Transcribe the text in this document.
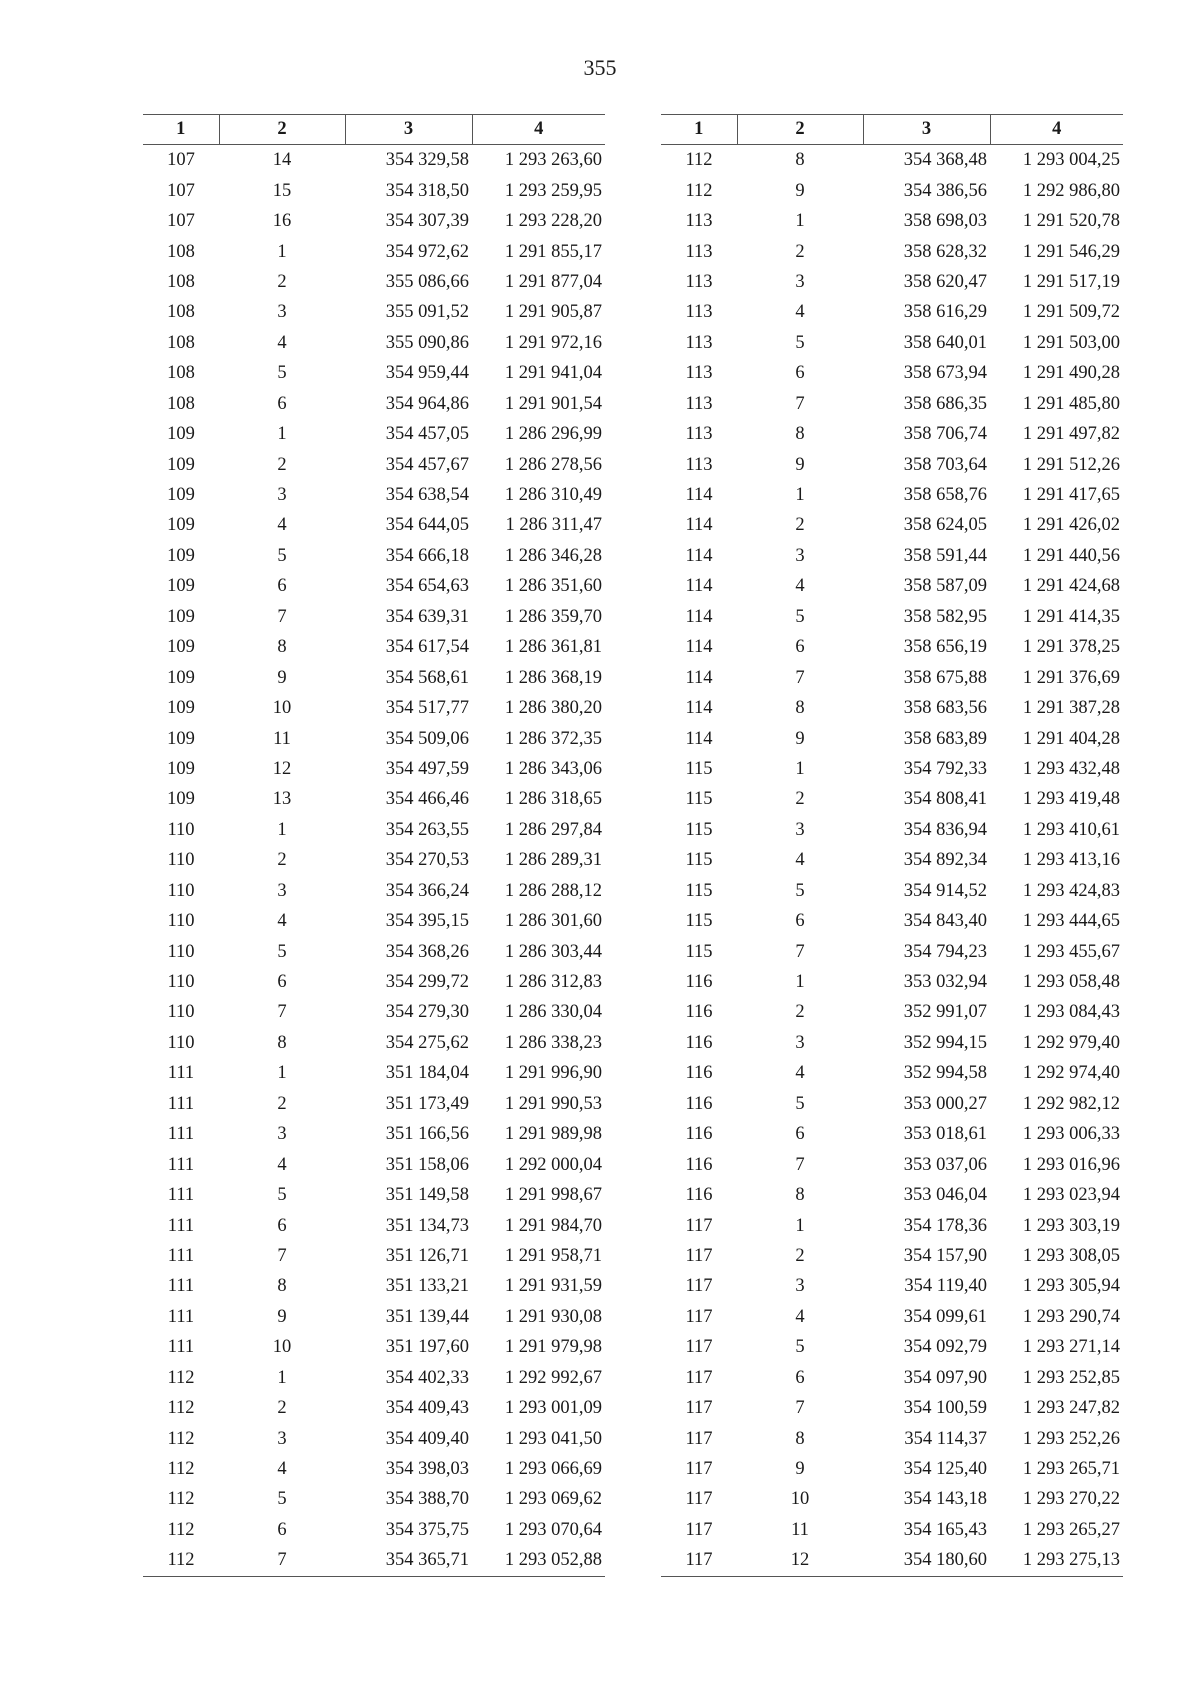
355
1	2	3	4
107	14	354 329,58	1 293 263,60
107	15	354 318,50	1 293 259,95
107	16	354 307,39	1 293 228,20
108	1	354 972,62	1 291 855,17
108	2	355 086,66	1 291 877,04
108	3	355 091,52	1 291 905,87
108	4	355 090,86	1 291 972,16
108	5	354 959,44	1 291 941,04
108	6	354 964,86	1 291 901,54
109	1	354 457,05	1 286 296,99
109	2	354 457,67	1 286 278,56
109	3	354 638,54	1 286 310,49
109	4	354 644,05	1 286 311,47
109	5	354 666,18	1 286 346,28
109	6	354 654,63	1 286 351,60
109	7	354 639,31	1 286 359,70
109	8	354 617,54	1 286 361,81
109	9	354 568,61	1 286 368,19
109	10	354 517,77	1 286 380,20
109	11	354 509,06	1 286 372,35
109	12	354 497,59	1 286 343,06
109	13	354 466,46	1 286 318,65
110	1	354 263,55	1 286 297,84
110	2	354 270,53	1 286 289,31
110	3	354 366,24	1 286 288,12
110	4	354 395,15	1 286 301,60
110	5	354 368,26	1 286 303,44
110	6	354 299,72	1 286 312,83
110	7	354 279,30	1 286 330,04
110	8	354 275,62	1 286 338,23
111	1	351 184,04	1 291 996,90
111	2	351 173,49	1 291 990,53
111	3	351 166,56	1 291 989,98
111	4	351 158,06	1 292 000,04
111	5	351 149,58	1 291 998,67
111	6	351 134,73	1 291 984,70
111	7	351 126,71	1 291 958,71
111	8	351 133,21	1 291 931,59
111	9	351 139,44	1 291 930,08
111	10	351 197,60	1 291 979,98
112	1	354 402,33	1 292 992,67
112	2	354 409,43	1 293 001,09
112	3	354 409,40	1 293 041,50
112	4	354 398,03	1 293 066,69
112	5	354 388,70	1 293 069,62
112	6	354 375,75	1 293 070,64
112	7	354 365,71	1 293 052,88
1	2	3	4
112	8	354 368,48	1 293 004,25
112	9	354 386,56	1 292 986,80
113	1	358 698,03	1 291 520,78
113	2	358 628,32	1 291 546,29
113	3	358 620,47	1 291 517,19
113	4	358 616,29	1 291 509,72
113	5	358 640,01	1 291 503,00
113	6	358 673,94	1 291 490,28
113	7	358 686,35	1 291 485,80
113	8	358 706,74	1 291 497,82
113	9	358 703,64	1 291 512,26
114	1	358 658,76	1 291 417,65
114	2	358 624,05	1 291 426,02
114	3	358 591,44	1 291 440,56
114	4	358 587,09	1 291 424,68
114	5	358 582,95	1 291 414,35
114	6	358 656,19	1 291 378,25
114	7	358 675,88	1 291 376,69
114	8	358 683,56	1 291 387,28
114	9	358 683,89	1 291 404,28
115	1	354 792,33	1 293 432,48
115	2	354 808,41	1 293 419,48
115	3	354 836,94	1 293 410,61
115	4	354 892,34	1 293 413,16
115	5	354 914,52	1 293 424,83
115	6	354 843,40	1 293 444,65
115	7	354 794,23	1 293 455,67
116	1	353 032,94	1 293 058,48
116	2	352 991,07	1 293 084,43
116	3	352 994,15	1 292 979,40
116	4	352 994,58	1 292 974,40
116	5	353 000,27	1 292 982,12
116	6	353 018,61	1 293 006,33
116	7	353 037,06	1 293 016,96
116	8	353 046,04	1 293 023,94
117	1	354 178,36	1 293 303,19
117	2	354 157,90	1 293 308,05
117	3	354 119,40	1 293 305,94
117	4	354 099,61	1 293 290,74
117	5	354 092,79	1 293 271,14
117	6	354 097,90	1 293 252,85
117	7	354 100,59	1 293 247,82
117	8	354 114,37	1 293 252,26
117	9	354 125,40	1 293 265,71
117	10	354 143,18	1 293 270,22
117	11	354 165,43	1 293 265,27
117	12	354 180,60	1 293 275,13
